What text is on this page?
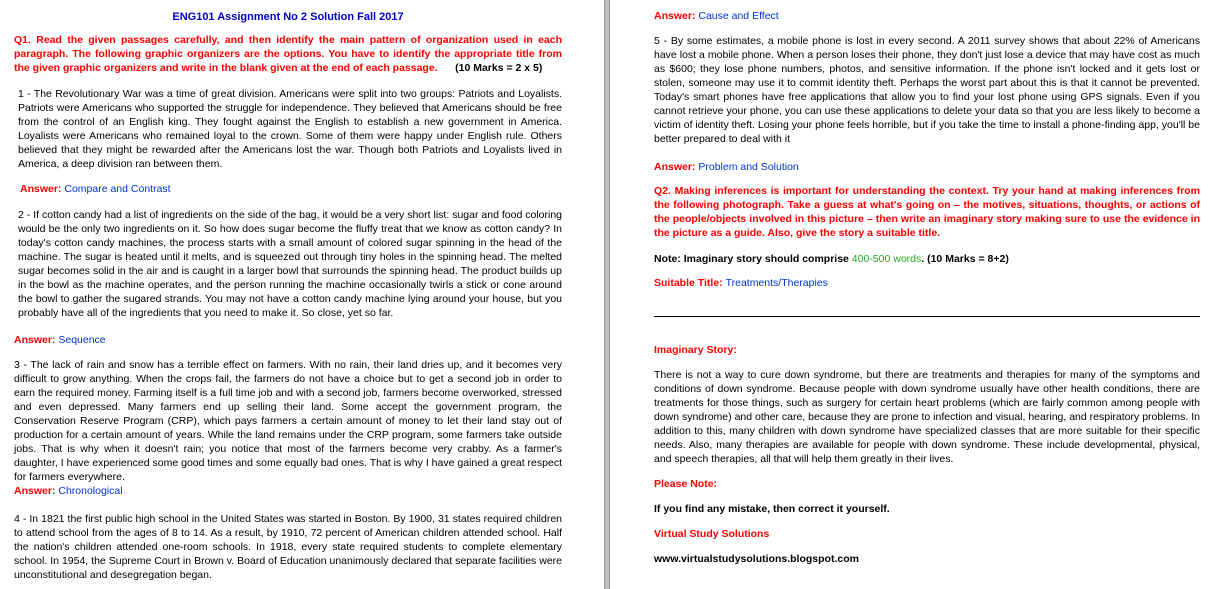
ENG101 Assignment No 2 Solution Fall 2017

Q1. Read the given passages carefully, and then identify the main pattern of organization used in each paragraph. The following graphic organizers are the options. You have to identify the appropriate title from the given graphic organizers and write in the blank given at the end of each passage. (10 Marks = 2 x 5)

1 - The Revolutionary War was a time of great division. Americans were split into two groups: Patriots and Loyalists. Patriots were Americans who supported the struggle for independence. They believed that Americans should be free from the control of an English king. They fought against the English to establish a new government in America. Loyalists were Americans who remained loyal to the crown. Some of them were happy under English rule. Others believed that they might be rewarded after the Americans lost the war. Though both Patriots and Loyalists lived in America, a deep division ran between them.

Answer: Compare and Contrast

2 - If cotton candy had a list of ingredients on the side of the bag, it would be a very short list: sugar and food coloring would be the only two ingredients on it. So how does sugar become the fluffy treat that we know as cotton candy? In today's cotton candy machines, the process starts with a small amount of colored sugar spinning in the head of the machine. The sugar is heated until it melts, and is squeezed out through tiny holes in the spinning head. The melted sugar becomes solid in the air and is caught in a larger bowl that surrounds the spinning head. The product builds up in the bowl as the machine operates, and the person running the machine occasionally twirls a stick or cone around the bowl to gather the sugared strands. You may not have a cotton candy machine lying around your house, but you probably have all of the ingredients that you need to make it. So close, yet so far.

Answer: Sequence

3 - The lack of rain and snow has a terrible effect on farmers. With no rain, their land dries up, and it becomes very difficult to grow anything. When the crops fail, the farmers do not have a choice but to get a second job in order to earn the required money. Farming itself is a full time job and with a second job, farmers become overworked, stressed and even depressed. Many farmers end up selling their land. Some accept the government program, the Conservation Reserve Program (CRP), which pays farmers a certain amount of money to let their land stay out of production for a certain amount of years. While the land remains under the CRP program, some farmers take outside jobs. That is why when it doesn't rain; you notice that most of the farmers become very crabby. As a farmer's daughter, I have experienced some good times and some equally bad ones. That is why I have gained a great respect for farmers everywhere.

Answer: Chronological

4 - In 1821 the first public high school in the United States was started in Boston. By 1900, 31 states required children to attend school from the ages of 8 to 14. As a result, by 1910, 72 percent of American children attended school. Half the nation's children attended one-room schools. In 1918, every state required students to complete elementary school. In 1954, the Supreme Court in Brown v. Board of Education unanimously declared that separate facilities were unconstitutional and desegregation began.

Answer: Cause and Effect

5 - By some estimates, a mobile phone is lost in every second. A 2011 survey shows that about 22% of Americans have lost a mobile phone. When a person loses their phone, they don't just lose a device that may have cost as much as $600; they lose phone numbers, photos, and sensitive information. If the phone isn't locked and it gets lost or stolen, someone may use it to commit identity theft. Perhaps the worst part about this is that it cannot be prevented. Today's smart phones have free applications that allow you to find your lost phone using GPS signals. Even if you cannot retrieve your phone, you can use these applications to delete your data so that you are less likely to become a victim of identity theft. Losing your phone feels horrible, but if you take the time to install a phone-finding app, you'll be better prepared to deal with it

Answer: Problem and Solution

Q2. Making inferences is important for understanding the context. Try your hand at making inferences from the following photograph. Take a guess at what's going on – the motives, situations, thoughts, or actions of the people/objects involved in this picture – then write an imaginary story making sure to use the evidence in the picture as a guide. Also, give the story a suitable title.

Note: Imaginary story should comprise 400-500 words. (10 Marks = 8+2)

Suitable Title: Treatments/Therapies

Imaginary Story:

There is not a way to cure down syndrome, but there are treatments and therapies for many of the symptoms and conditions of down syndrome. Because people with down syndrome usually have other health conditions, there are treatments for those things, such as surgery for certain heart problems (which are fairly common among people with down syndrome) and other care, because they are prone to infection and visual, hearing, and respiratory problems. In addition to this, many children with down syndrome have specialized classes that are more suitable for their specific needs. Also, many therapies are available for people with down syndrome. These include developmental, physical, and speech therapies, all that will help them greatly in their lives.

Please Note:

If you find any mistake, then correct it yourself.

Virtual Study Solutions

www.virtualstudysolutions.blogspot.com
